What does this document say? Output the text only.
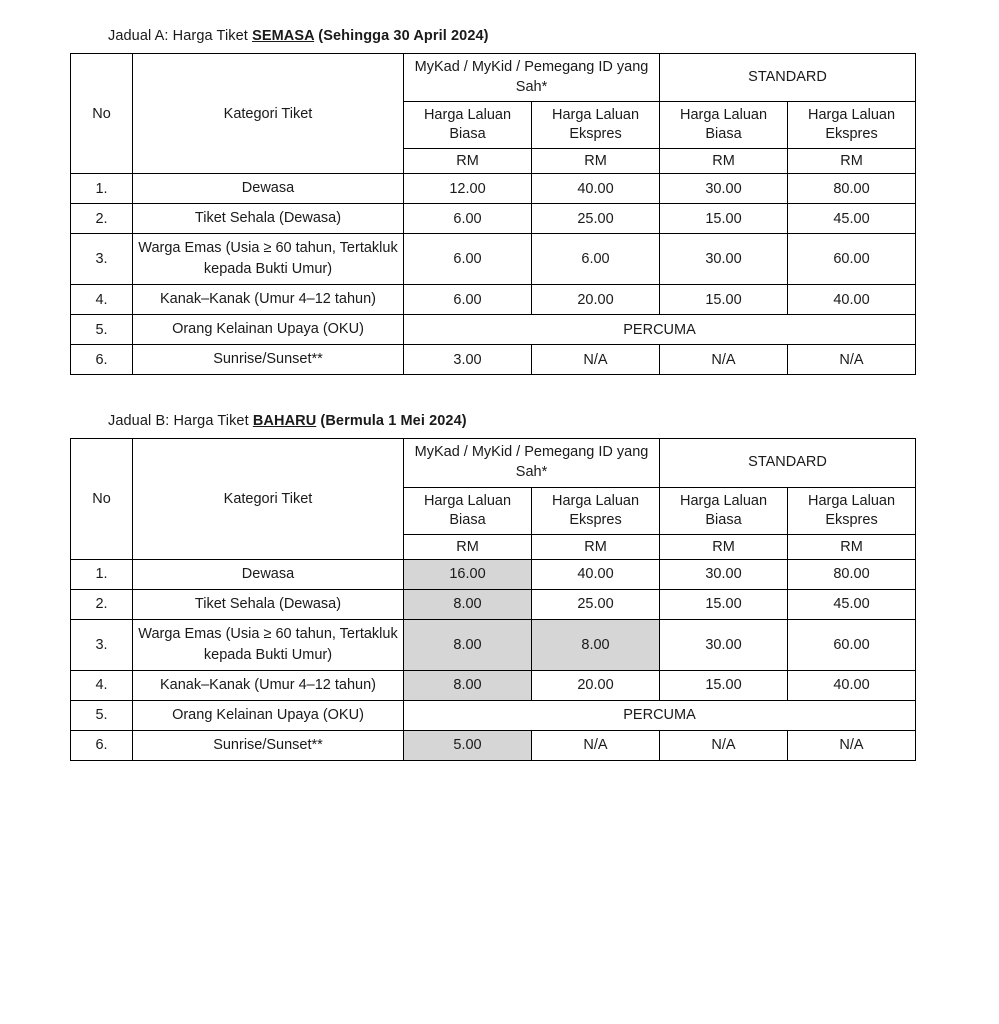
Jadual A: Harga Tiket SEMASA (Sehingga 30 April 2024)
No	Kategori Tiket	MyKad / MyKid / Pemegang ID yang Sah*		STANDARD	
		Harga Laluan Biasa	Harga Laluan Ekspres	Harga Laluan Biasa	Harga Laluan Ekspres
		RM	RM	RM	RM
1.	Dewasa	12.00	40.00	30.00	80.00
2.	Tiket Sehala (Dewasa)	6.00	25.00	15.00	45.00
3.	Warga Emas (Usia ≥ 60 tahun, Tertakluk kepada Bukti Umur)	6.00	6.00	30.00	60.00
4.	Kanak–Kanak (Umur 4–12 tahun)	6.00	20.00	15.00	40.00
5.	Orang Kelainan Upaya (OKU)	PERCUMA			
6.	Sunrise/Sunset**	3.00	N/A	N/A	N/A
Jadual B: Harga Tiket BAHARU (Bermula 1 Mei 2024)
No	Kategori Tiket	MyKad / MyKid / Pemegang ID yang Sah*		STANDARD	
		Harga Laluan Biasa	Harga Laluan Ekspres	Harga Laluan Biasa	Harga Laluan Ekspres
		RM	RM	RM	RM
1.	Dewasa	16.00	40.00	30.00	80.00
2.	Tiket Sehala (Dewasa)	8.00	25.00	15.00	45.00
3.	Warga Emas (Usia ≥ 60 tahun, Tertakluk kepada Bukti Umur)	8.00	8.00	30.00	60.00
4.	Kanak–Kanak (Umur 4–12 tahun)	8.00	20.00	15.00	40.00
5.	Orang Kelainan Upaya (OKU)	PERCUMA			
6.	Sunrise/Sunset**	5.00	N/A	N/A	N/A
